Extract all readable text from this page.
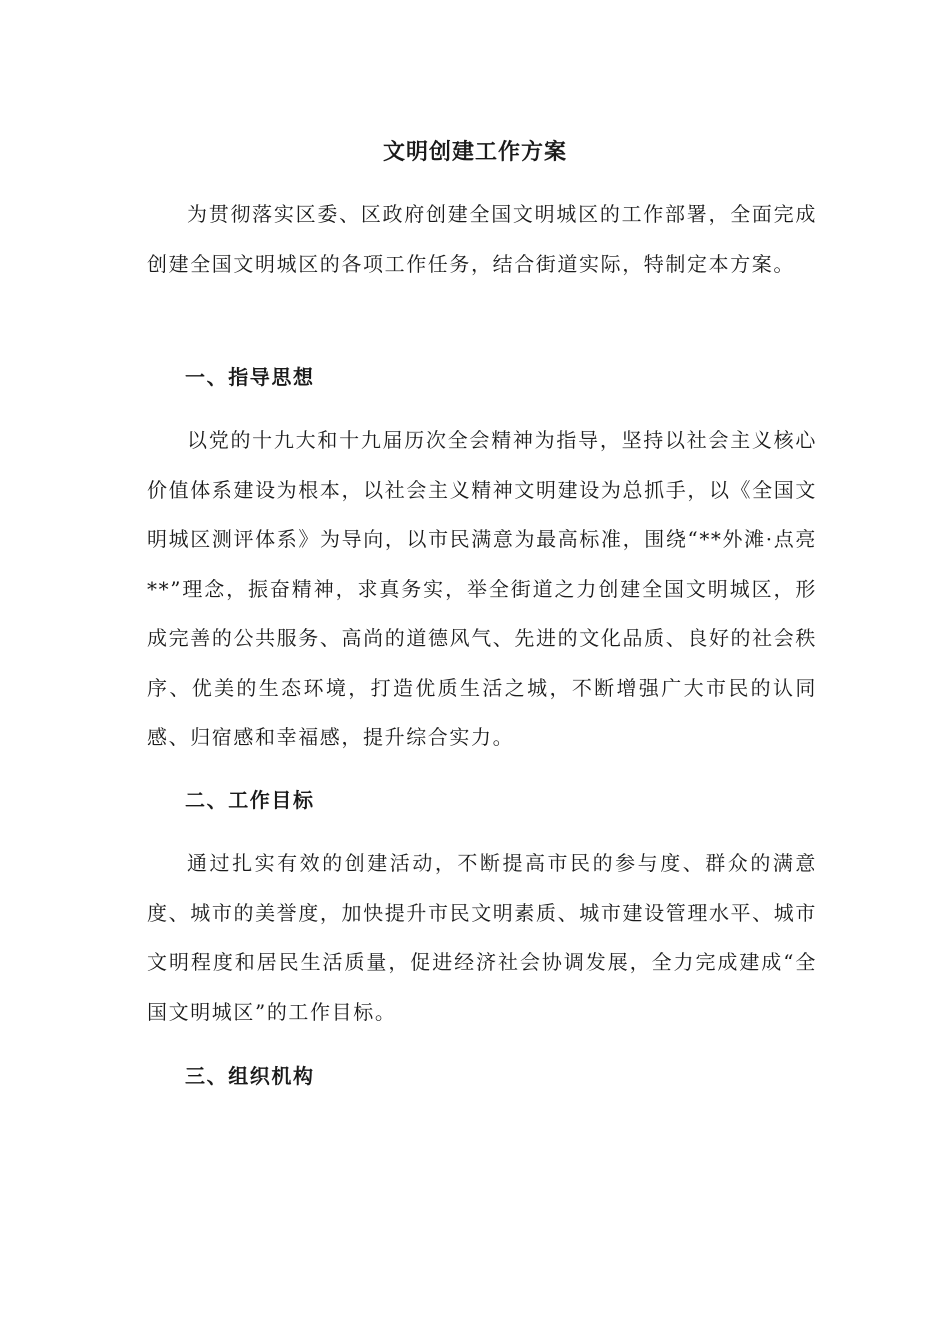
文明创建工作方案

为贯彻落实区委、区政府创建全国文明城区的工作部署，全面完成创建全国文明城区的各项工作任务，结合街道实际，特制定本方案。

一、指导思想

以党的十九大和十九届历次全会精神为指导，坚持以社会主义核心价值体系建设为根本，以社会主义精神文明建设为总抓手，以《全国文明城区测评体系》为导向，以市民满意为最高标准，围绕“**外滩·点亮**”理念，振奋精神，求真务实，举全街道之力创建全国文明城区，形成完善的公共服务、高尚的道德风气、先进的文化品质、良好的社会秩序、优美的生态环境，打造优质生活之城，不断增强广大市民的认同感、归宿感和幸福感，提升综合实力。

二、工作目标

通过扎实有效的创建活动，不断提高市民的参与度、群众的满意度、城市的美誉度，加快提升市民文明素质、城市建设管理水平、城市文明程度和居民生活质量，促进经济社会协调发展，全力完成建成“全国文明城区”的工作目标。

三、组织机构
